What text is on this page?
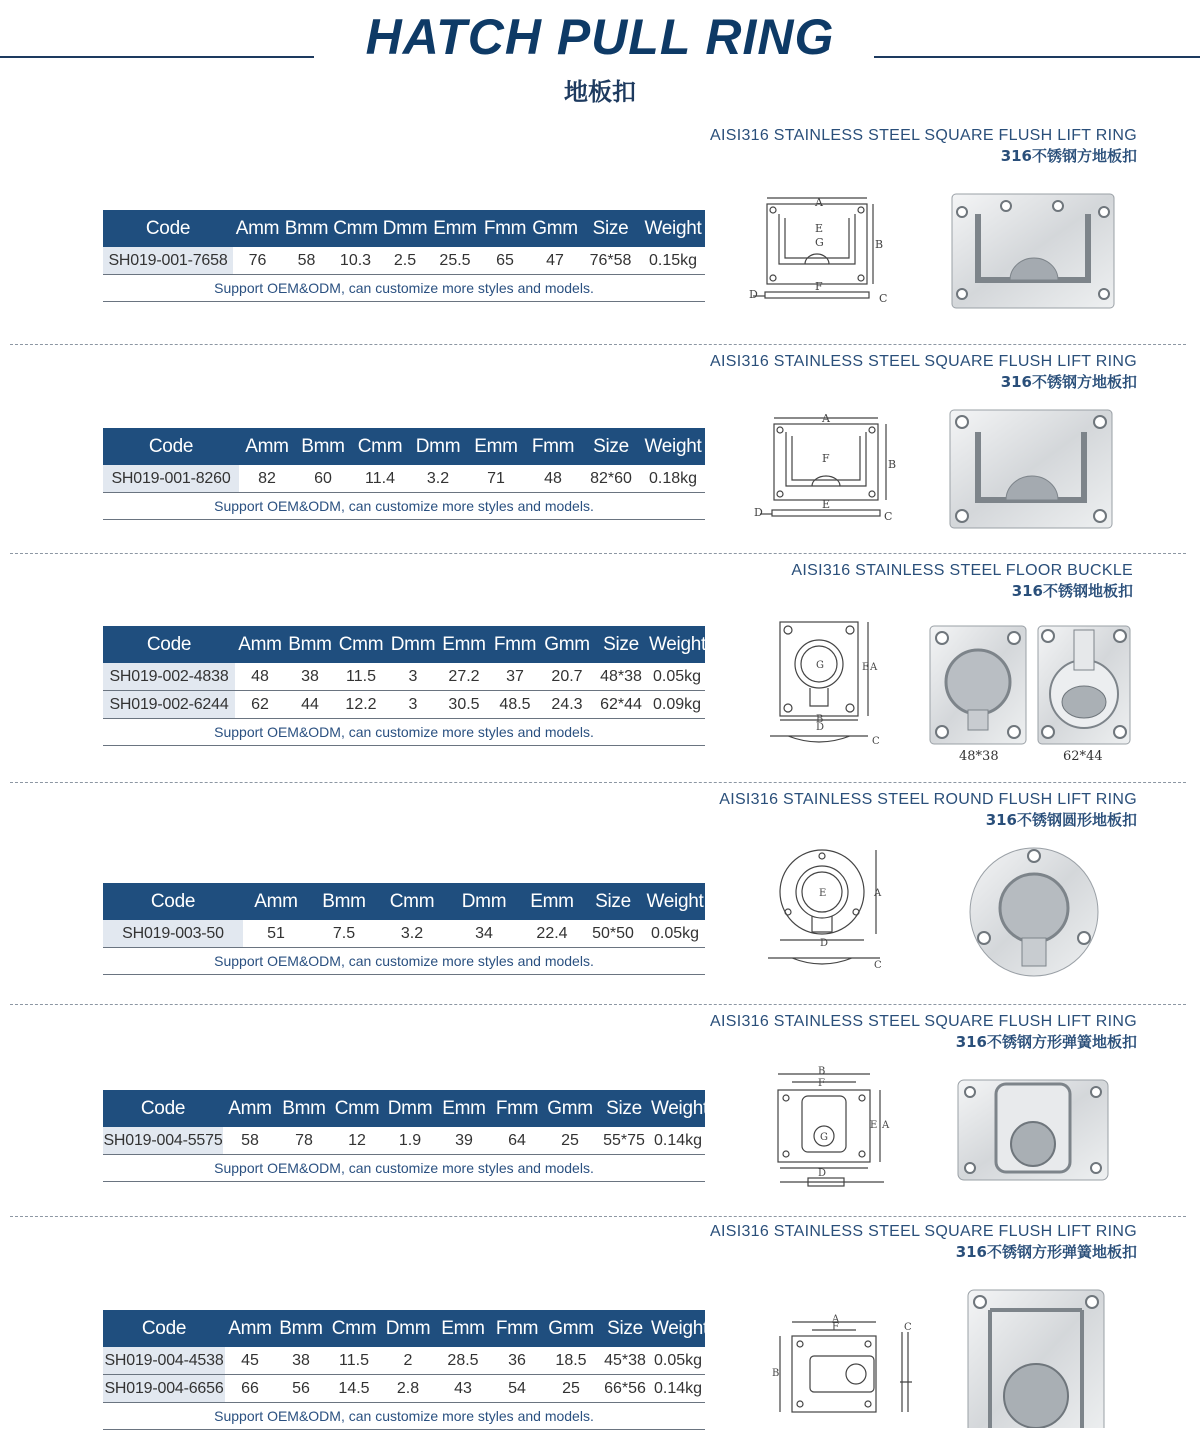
HATCH PULL RING
地板扣
AISI316 STAINLESS STEEL SQUARE FLUSH LIFT RING
316不锈钢方地板扣
Code	Amm	Bmm	Cmm	Dmm	Emm	Fmm	Gmm	Size	Weight
SH019-001-7658	76	58	10.3	2.5	25.5	65	47	76*58	0.15kg
Support OEM&ODM, can customize more styles and models.									
A
E
G	B
F
D	C
AISI316 STAINLESS STEEL SQUARE FLUSH LIFT RING
316不锈钢方地板扣
Code	Amm	Bmm	Cmm	Dmm	Emm	Fmm	Size	Weight
SH019-001-8260	82	60	11.4	3.2	71	48	82*60	0.18kg
Support OEM&ODM, can customize more styles and models.								
A
F	B
E
D	C
AISI316 STAINLESS STEEL FLOOR BUCKLE
316不锈钢地板扣
Code	Amm	Bmm	Cmm	Dmm	Emm	Fmm	Gmm	Size	Weight
SH019-002-4838	48	38	11.5	3	27.2	37	20.7	48*38	0.05kg
SH019-002-6244	62	44	12.2	3	30.5	48.5	24.3	62*44	0.09kg
Support OEM&ODM, can customize more styles and models.									
G	E A
B
D
C
48*38	62*44
AISI316 STAINLESS STEEL ROUND FLUSH LIFT RING
316不锈钢圆形地板扣
Code	Amm	Bmm	Cmm	Dmm	Emm	Size	Weight
SH019-003-50	51	7.5	3.2	34	22.4	50*50	0.05kg
Support OEM&ODM, can customize more styles and models.							
E	A
D
C
AISI316 STAINLESS STEEL SQUARE FLUSH LIFT RING
316不锈钢方形弹簧地板扣
Code	Amm	Bmm	Cmm	Dmm	Emm	Fmm	Gmm	Size	Weight
SH019-004-5575	58	78	12	1.9	39	64	25	55*75	0.14kg
Support OEM&ODM, can customize more styles and models.									
B
F
G
E A
D
AISI316 STAINLESS STEEL SQUARE FLUSH LIFT RING
316不锈钢方形弹簧地板扣
Code	Amm	Bmm	Cmm	Dmm	Emm	Fmm	Gmm	Size	Weight
SH019-004-4538	45	38	11.5	2	28.5	36	18.5	45*38	0.05kg
SH019-004-6656	66	56	14.5	2.8	43	54	25	66*56	0.14kg
Support OEM&ODM, can customize more styles and models.									
A
F
B
C
